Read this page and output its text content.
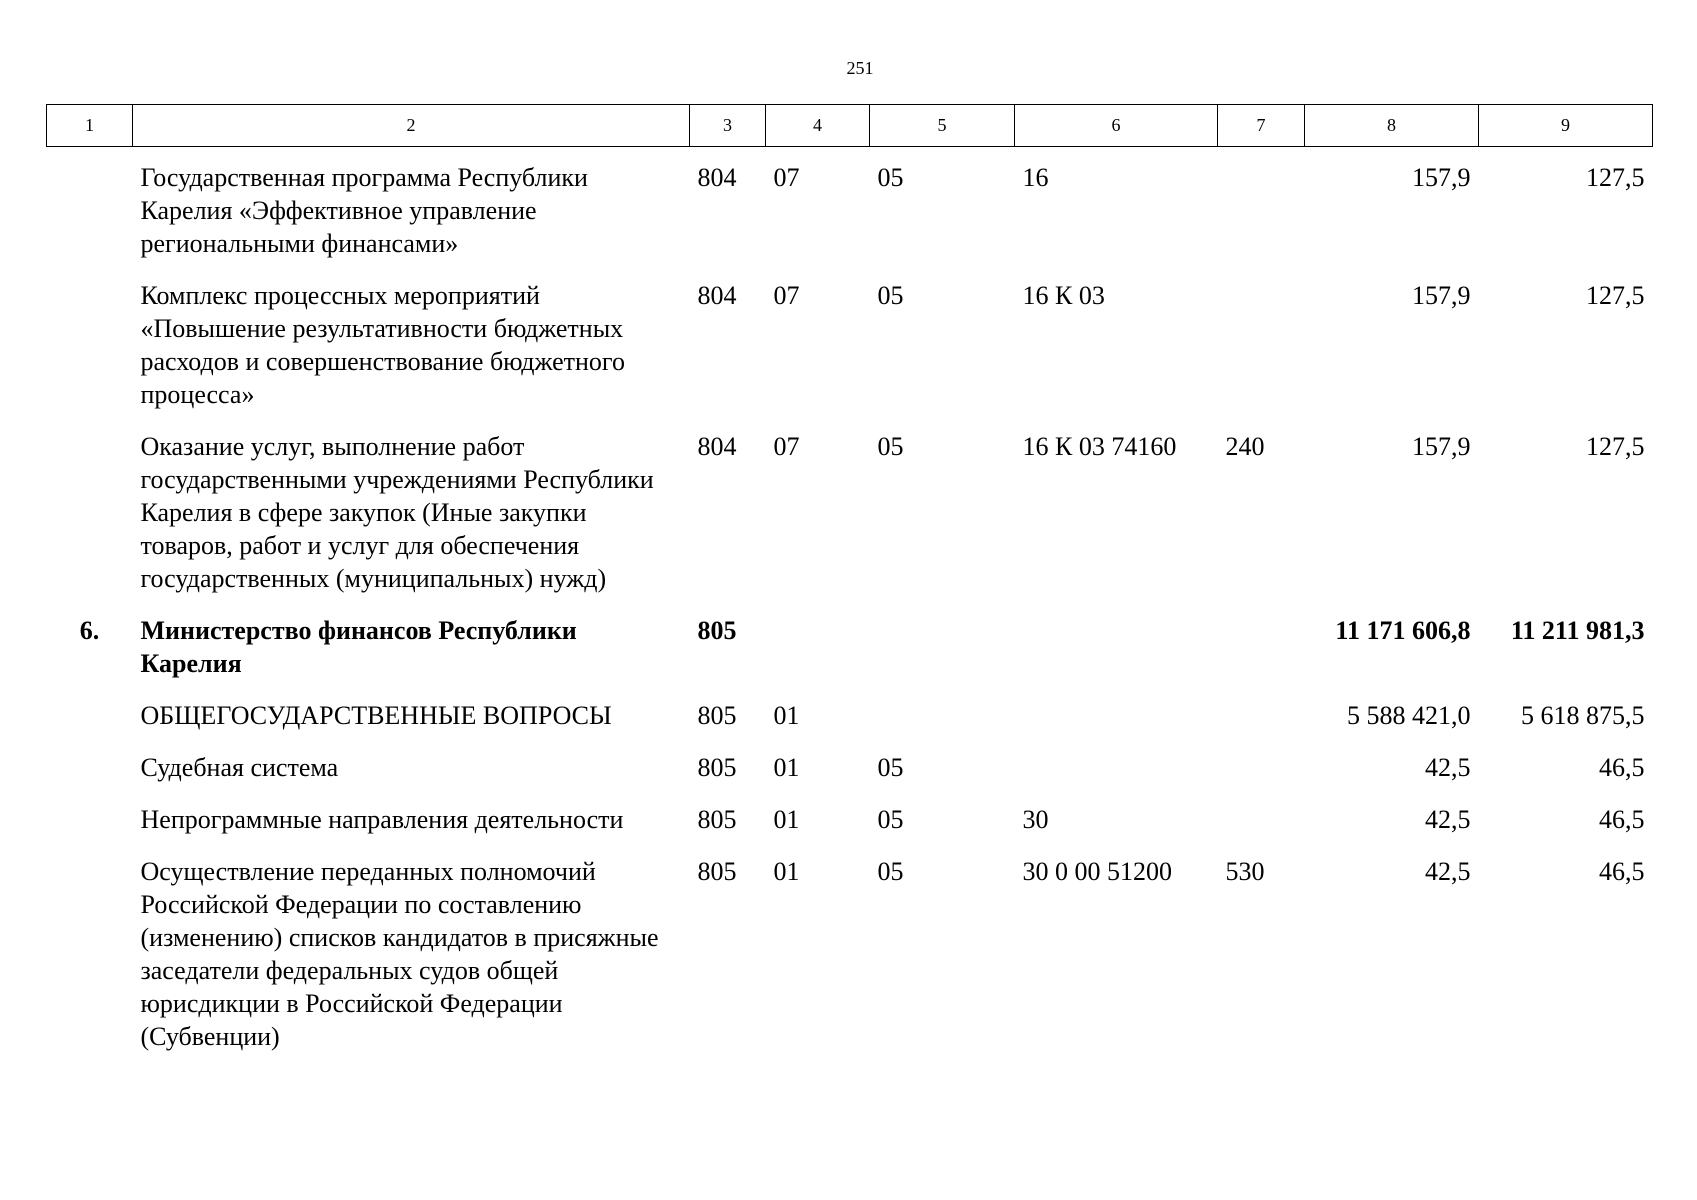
251
1	2	3	4	5	6	7	8	9
	Государственная программа Республики Карелия «Эффективное управление региональными финансами»	804	07	05	16		157,9	127,5
	Комплекс процессных мероприятий «Повышение результативности бюджетных расходов и совершенствование бюджетного процесса»	804	07	05	16 К 03		157,9	127,5
	Оказание услуг, выполнение работ государственными учреждениями Республики Карелия в сфере закупок (Иные закупки товаров, работ и услуг для обеспечения государственных (муниципальных) нужд)	804	07	05	16 К 03 74160	240	157,9	127,5
6.	Министерство финансов Республики Карелия	805					11 171 606,8	11 211 981,3
	ОБЩЕГОСУДАРСТВЕННЫЕ ВОПРОСЫ	805	01				5 588 421,0	5 618 875,5
	Судебная система	805	01	05			42,5	46,5
	Непрограммные направления деятельности	805	01	05	30		42,5	46,5
	Осуществление переданных полномочий Российской Федерации по составлению (изменению) списков кандидатов в присяжные заседатели федеральных судов общей юрисдикции в Российской Федерации (Субвенции)	805	01	05	30 0 00 51200	530	42,5	46,5
